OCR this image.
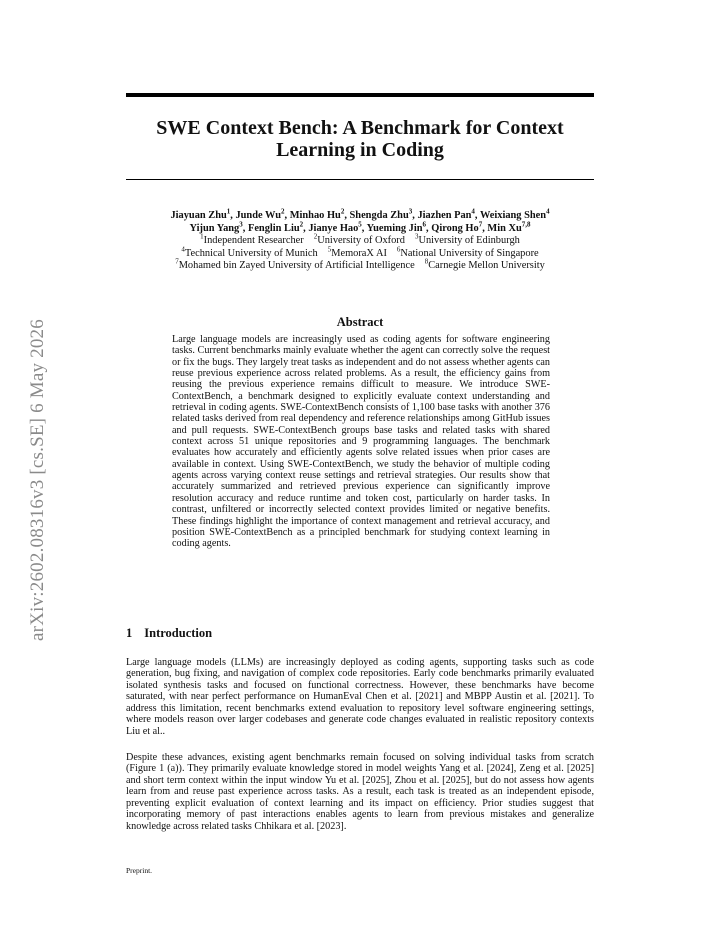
arXiv:2602.08316v3 [cs.SE] 6 May 2026
SWE Context Bench: A Benchmark for Context Learning in Coding
Jiayuan Zhu$^1$, Junde Wu$^2$, Minhao Hu$^2$, Shengda Zhu$^3$, Jiazhen Pan$^4$, Weixiang Shen$^4$
Yijun Yang$^3$, Fenglin Liu$^2$, Jianye Hao$^5$, Yueming Jin$^6$, Qirong Ho$^7$, Min Xu$^{7,8}$
$^1$Independent Researcher $^2$University of Oxford $^3$University of Edinburgh
$^4$Technical University of Munich $^5$MemoraX AI $^6$National University of Singapore
$^7$Mohamed bin Zayed University of Artificial Intelligence $^8$Carnegie Mellon University
Abstract

Large language models are increasingly used as coding agents for software engineering tasks. Current benchmarks mainly evaluate whether the agent can correctly solve the request or fix the bugs. They largely treat tasks as independent and do not assess whether agents can reuse previous experience across related problems. As a result, the efficiency gains from reusing the previous experience remains difficult to measure. We introduce SWE-ContextBench, a benchmark designed to explicitly evaluate context understanding and retrieval in coding agents. SWE-ContextBench consists of 1,100 base tasks with another 376 related tasks derived from real dependency and reference relationships among GitHub issues and pull requests. SWE-ContextBench groups base tasks and related tasks with shared context across 51 unique repositories and 9 programming languages. The benchmark evaluates how accurately and efficiently agents solve related issues when prior cases are available in context. Using SWE-ContextBench, we study the behavior of multiple coding agents across varying context reuse settings and retrieval strategies. Our results show that accurately summarized and retrieved previous experience can significantly improve resolution accuracy and reduce runtime and token cost, particularly on harder tasks. In contrast, unfiltered or incorrectly selected context provides limited or negative benefits. These findings highlight the importance of context management and retrieval accuracy, and position SWE-ContextBench as a principled benchmark for studying context learning in coding agents.

1 Introduction

Large language models (LLMs) are increasingly deployed as coding agents, supporting tasks such as code generation, bug fixing, and navigation of complex code repositories. Early code benchmarks primarily evaluated isolated synthesis tasks and focused on functional correctness. However, these benchmarks have become saturated, with near perfect performance on HumanEval Chen et al. [2021] and MBPP Austin et al. [2021]. To address this limitation, recent benchmarks extend evaluation to repository level software engineering settings, where models reason over larger codebases and generate code changes evaluated in realistic repository contexts Liu et al..

Despite these advances, existing agent benchmarks remain focused on solving individual tasks from scratch (Figure 1 (a)). They primarily evaluate knowledge stored in model weights Yang et al. [2024], Zeng et al. [2025] and short term context within the input window Yu et al. [2025], Zhou et al. [2025], but do not assess how agents learn from and reuse past experience across tasks. As a result, each task is treated as an independent episode, preventing explicit evaluation of context learning and its impact on efficiency. Prior studies suggest that incorporating memory of past interactions enables agents to learn from previous mistakes and generalize knowledge across related tasks Chhikara et al. [2023].

Preprint.
